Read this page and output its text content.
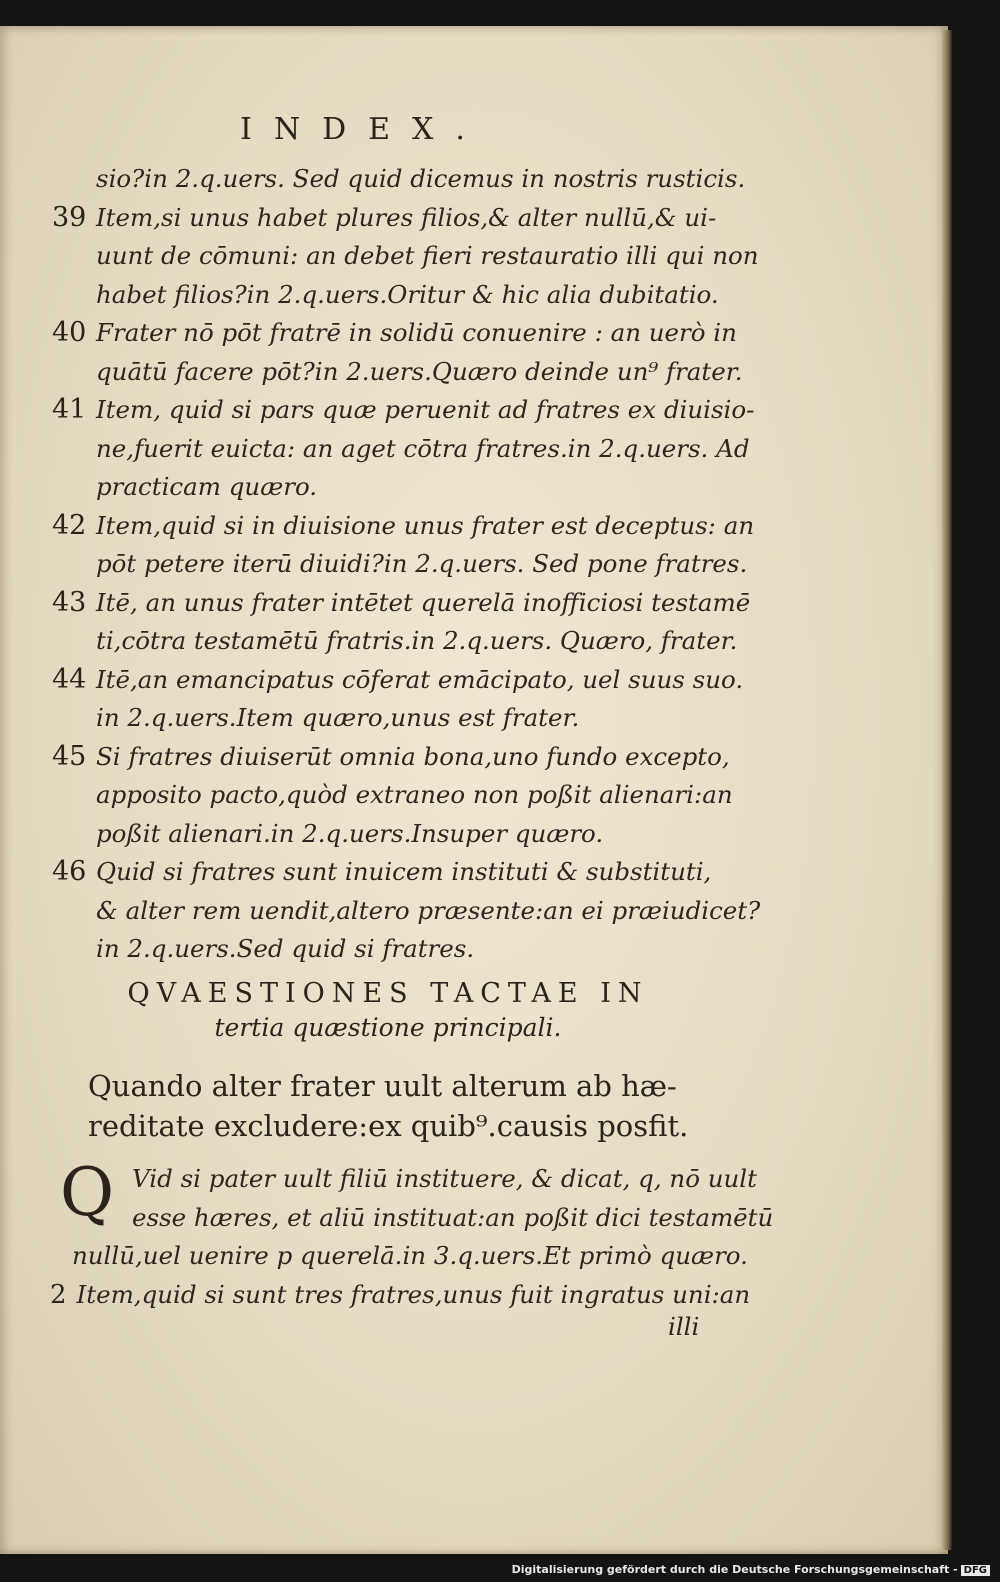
INDEX.
sio?in 2.q.uers. Sed quid dicemus in nostris rusticis.
39 Item,si unus habet plures filios,& alter nullū,& ui-
uunt de cōmuni: an debet fieri restauratio illi qui non
habet filios?in 2.q.uers.Oritur & hic alia dubitatio.
40 Frater nō pōt fratrē in solidū conuenire : an uerò in
quātū facere pōt?in 2.uers.Quæro deinde un⁹ frater.
41 Item, quid si pars quæ peruenit ad fratres ex diuisio-
ne,fuerit euicta: an aget cōtra fratres.in 2.q.uers. Ad
practicam quæro.
42 Item,quid si in diuisione unus frater est deceptus: an
pōt petere iterū diuidi?in 2.q.uers. Sed pone fratres.
43 Itē, an unus frater intētet querelā inofficiosi testamē
ti,cōtra testamētū fratris.in 2.q.uers. Quæro, frater.
44 Itē,an emancipatus cōferat emācipato, uel suus suo.
in 2.q.uers.Item quæro,unus est frater.
45 Si fratres diuiserūt omnia bona,uno fundo excepto,
apposito pacto,quòd extraneo non poßit alienari:an
poßit alienari.in 2.q.uers.Insuper quæro.
46 Quid si fratres sunt inuicem instituti & substituti,
& alter rem uendit,altero præsente:an ei præiudicet?
in 2.q.uers.Sed quid si fratres.
QVAESTIONES TACTAE IN
tertia quæstione principali.
Quando alter frater uult alterum ab hæ-
reditate excludere:ex quib⁹.causis posfit.
Q Vid si pater uult filiū instituere, & dicat, q, nō uult
esse hæres, et aliū instituat:an poßit dici testamētū
nullū,uel uenire p querelā.in 3.q.uers.Et primò quæro.
2 Item,quid si sunt tres fratres,unus fuit ingratus uni:an
illi
Digitalisierung gefördert durch die Deutsche Forschungsgemeinschaft - DFG
